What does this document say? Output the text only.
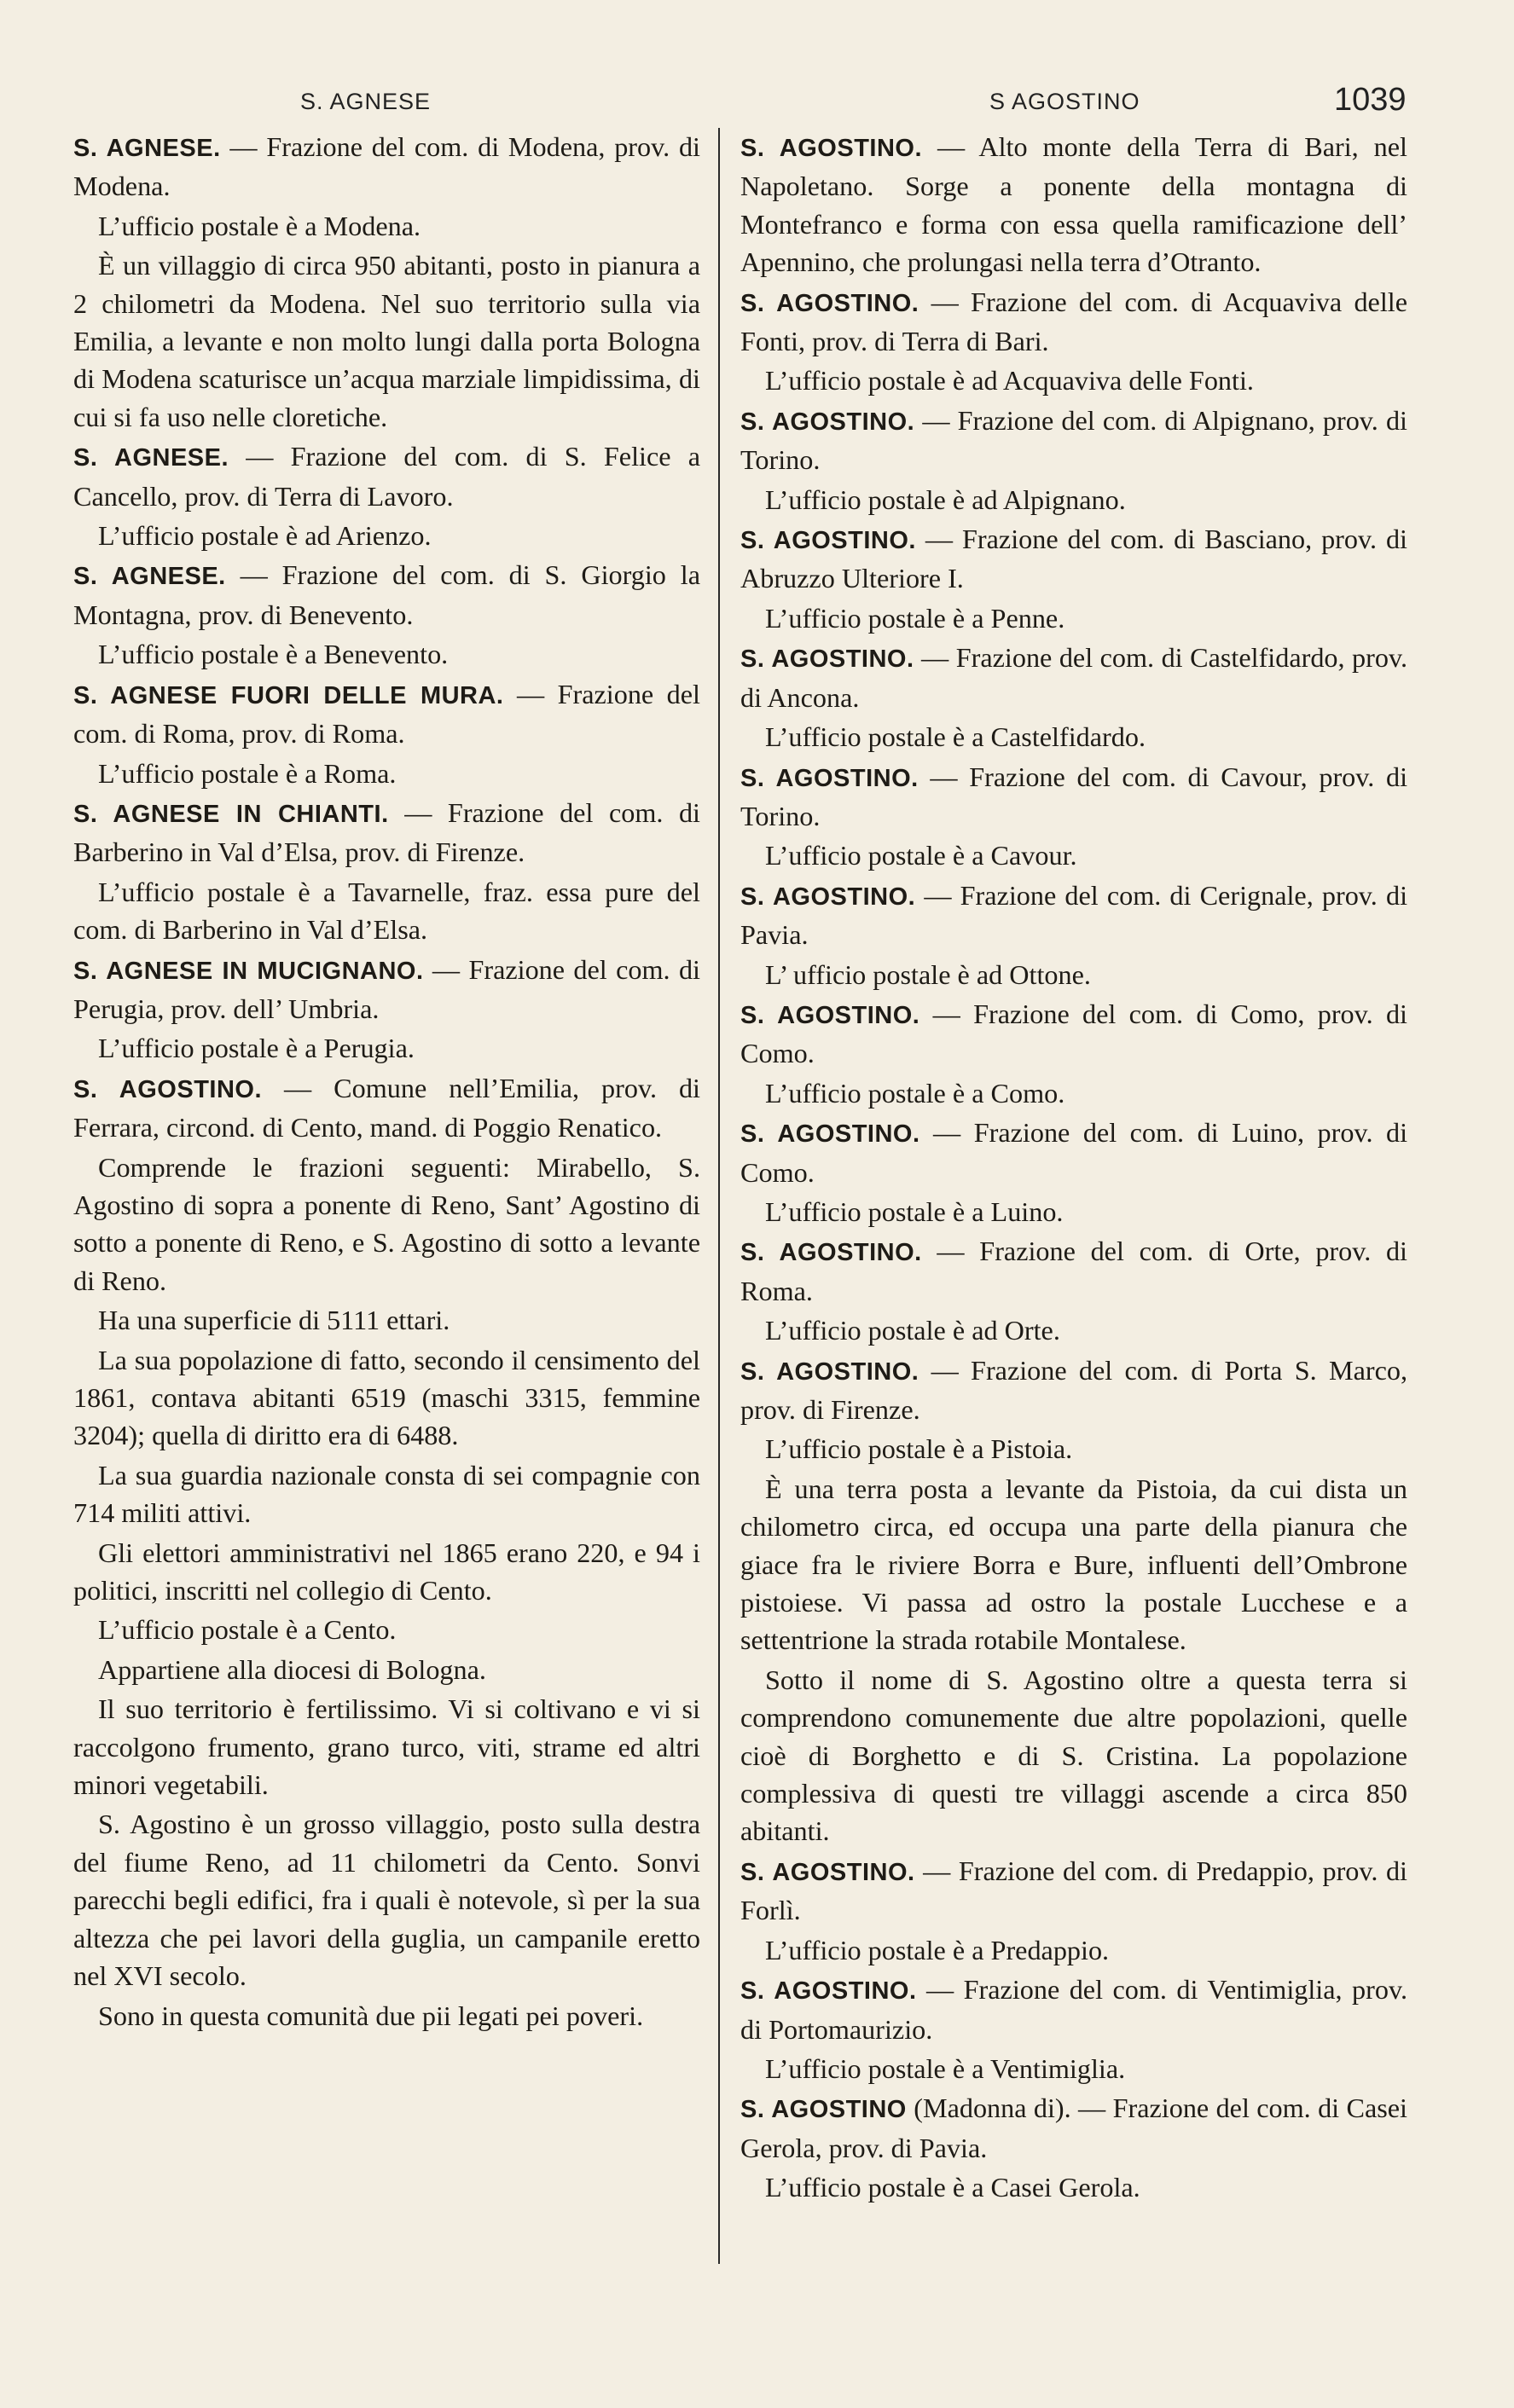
S. AGNESE	S AGOSTINO	1039

S. AGNESE. — Frazione del com. di Modena, prov. di Modena.

L’ufficio postale è a Modena.

È un villaggio di circa 950 abitanti, posto in pianura a 2 chilometri da Modena. Nel suo territorio sulla via Emilia, a levante e non molto lungi dalla porta Bologna di Modena scaturisce un’acqua marziale limpidissima, di cui si fa uso nelle cloretiche.

S. AGNESE. — Frazione del com. di S. Felice a Cancello, prov. di Terra di Lavoro.

L’ufficio postale è ad Arienzo.

S. AGNESE. — Frazione del com. di S. Giorgio la Montagna, prov. di Benevento.

L’ufficio postale è a Benevento.

S. AGNESE FUORI DELLE MURA. — Frazione del com. di Roma, prov. di Roma.

L’ufficio postale è a Roma.

S. AGNESE IN CHIANTI. — Frazione del com. di Barberino in Val d’Elsa, prov. di Firenze.

L’ufficio postale è a Tavarnelle, fraz. essa pure del com. di Barberino in Val d’Elsa.

S. AGNESE IN MUCIGNANO. — Frazione del com. di Perugia, prov. dell’ Umbria.

L’ufficio postale è a Perugia.

S. AGOSTINO. — Comune nell’Emilia, prov. di Ferrara, circond. di Cento, mand. di Poggio Renatico.

Comprende le frazioni seguenti: Mirabello, S. Agostino di sopra a ponente di Reno, Sant’ Agostino di sotto a ponente di Reno, e S. Agostino di sotto a levante di Reno.

Ha una superficie di 5111 ettari.

La sua popolazione di fatto, secondo il censimento del 1861, contava abitanti 6519 (maschi 3315, femmine 3204); quella di diritto era di 6488.

La sua guardia nazionale consta di sei compagnie con 714 militi attivi.

Gli elettori amministrativi nel 1865 erano 220, e 94 i politici, inscritti nel collegio di Cento.

L’ufficio postale è a Cento.

Appartiene alla diocesi di Bologna.

Il suo territorio è fertilissimo. Vi si coltivano e vi si raccolgono frumento, grano turco, viti, strame ed altri minori vegetabili.

S. Agostino è un grosso villaggio, posto sulla destra del fiume Reno, ad 11 chilometri da Cento. Sonvi parecchi begli edifici, fra i quali è notevole, sì per la sua altezza che pei lavori della guglia, un campanile eretto nel XVI secolo.

Sono in questa comunità due pii legati pei poveri.

S. AGOSTINO. — Alto monte della Terra di Bari, nel Napoletano. Sorge a ponente della montagna di Montefranco e forma con essa quella ramificazione dell’ Apennino, che prolungasi nella terra d’Otranto.

S. AGOSTINO. — Frazione del com. di Acquaviva delle Fonti, prov. di Terra di Bari.

L’ufficio postale è ad Acquaviva delle Fonti.

S. AGOSTINO. — Frazione del com. di Alpignano, prov. di Torino.

L’ufficio postale è ad Alpignano.

S. AGOSTINO. — Frazione del com. di Basciano, prov. di Abruzzo Ulteriore I.

L’ufficio postale è a Penne.

S. AGOSTINO. — Frazione del com. di Castelfidardo, prov. di Ancona.

L’ufficio postale è a Castelfidardo.

S. AGOSTINO. — Frazione del com. di Cavour, prov. di Torino.

L’ufficio postale è a Cavour.

S. AGOSTINO. — Frazione del com. di Cerignale, prov. di Pavia.

L’ ufficio postale è ad Ottone.

S. AGOSTINO. — Frazione del com. di Como, prov. di Como.

L’ufficio postale è a Como.

S. AGOSTINO. — Frazione del com. di Luino, prov. di Como.

L’ufficio postale è a Luino.

S. AGOSTINO. — Frazione del com. di Orte, prov. di Roma.

L’ufficio postale è ad Orte.

S. AGOSTINO. — Frazione del com. di Porta S. Marco, prov. di Firenze.

L’ufficio postale è a Pistoia.

È una terra posta a levante da Pistoia, da cui dista un chilometro circa, ed occupa una parte della pianura che giace fra le riviere Borra e Bure, influenti dell’Ombrone pistoiese. Vi passa ad ostro la postale Lucchese e a settentrione la strada rotabile Montalese.

Sotto il nome di S. Agostino oltre a questa terra si comprendono comunemente due altre popolazioni, quelle cioè di Borghetto e di S. Cristina. La popolazione complessiva di questi tre villaggi ascende a circa 850 abitanti.

S. AGOSTINO. — Frazione del com. di Predappio, prov. di Forlì.

L’ufficio postale è a Predappio.

S. AGOSTINO. — Frazione del com. di Ventimiglia, prov. di Portomaurizio.

L’ufficio postale è a Ventimiglia.

S. AGOSTINO (Madonna di). — Frazione del com. di Casei Gerola, prov. di Pavia.

L’ufficio postale è a Casei Gerola.
